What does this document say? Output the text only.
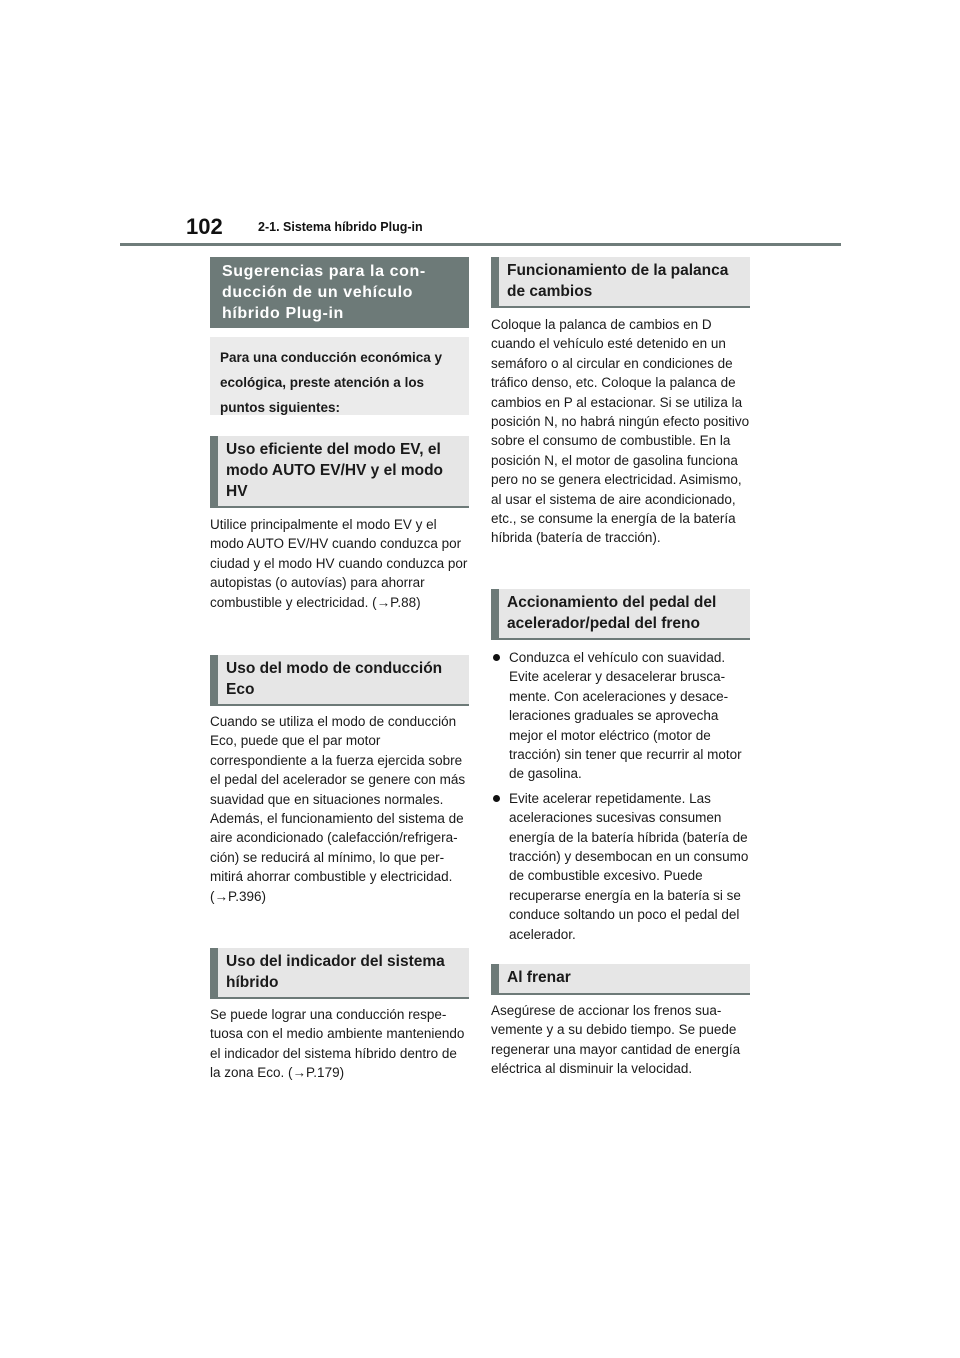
102	2-1. Sistema híbrido Plug-in
Sugerencias para la conducción de un vehículo híbrido Plug-in
Para una conducción económica y ecológica, preste atención a los puntos siguientes:
Uso eficiente del modo EV, el modo AUTO EV/HV y el modo HV
Utilice principalmente el modo EV y el modo AUTO EV/HV cuando conduzca por ciudad y el modo HV cuando conduzca por autopistas (o autovías) para ahorrar combustible y electricidad. (→P.88)
Uso del modo de conducción Eco
Cuando se utiliza el modo de conducción Eco, puede que el par motor correspondiente a la fuerza ejercida sobre el pedal del acelerador se genere con más suavidad que en situaciones normales. Además, el funcionamiento del sistema de aire acondicionado (calefacción/refrigeración) se reducirá al mínimo, lo que permitirá ahorrar combustible y electricidad. (→P.396)
Uso del indicador del sistema híbrido
Se puede lograr una conducción respetuosa con el medio ambiente manteniendo el indicador del sistema híbrido dentro de la zona Eco. (→P.179)
Funcionamiento de la palanca de cambios
Coloque la palanca de cambios en D cuando el vehículo esté detenido en un semáforo o al circular en condiciones de tráfico denso, etc. Coloque la palanca de cambios en P al estacionar. Si se utiliza la posición N, no habrá ningún efecto positivo sobre el consumo de combustible. En la posición N, el motor de gasolina funciona pero no se genera electricidad. Asimismo, al usar el sistema de aire acondicionado, etc., se consume la energía de la batería híbrida (batería de tracción).
Accionamiento del pedal del acelerador/pedal del freno
Conduzca el vehículo con suavidad. Evite acelerar y desacelerar bruscamente. Con aceleraciones y desaceleraciones graduales se aprovecha mejor el motor eléctrico (motor de tracción) sin tener que recurrir al motor de gasolina.
Evite acelerar repetidamente. Las aceleraciones sucesivas consumen energía de la batería híbrida (batería de tracción) y desembocan en un consumo de combustible excesivo. Puede recuperarse energía en la batería si se conduce soltando un poco el pedal del acelerador.
Al frenar
Asegúrese de accionar los frenos suavemente y a su debido tiempo. Se puede regenerar una mayor cantidad de energía eléctrica al disminuir la velocidad.
